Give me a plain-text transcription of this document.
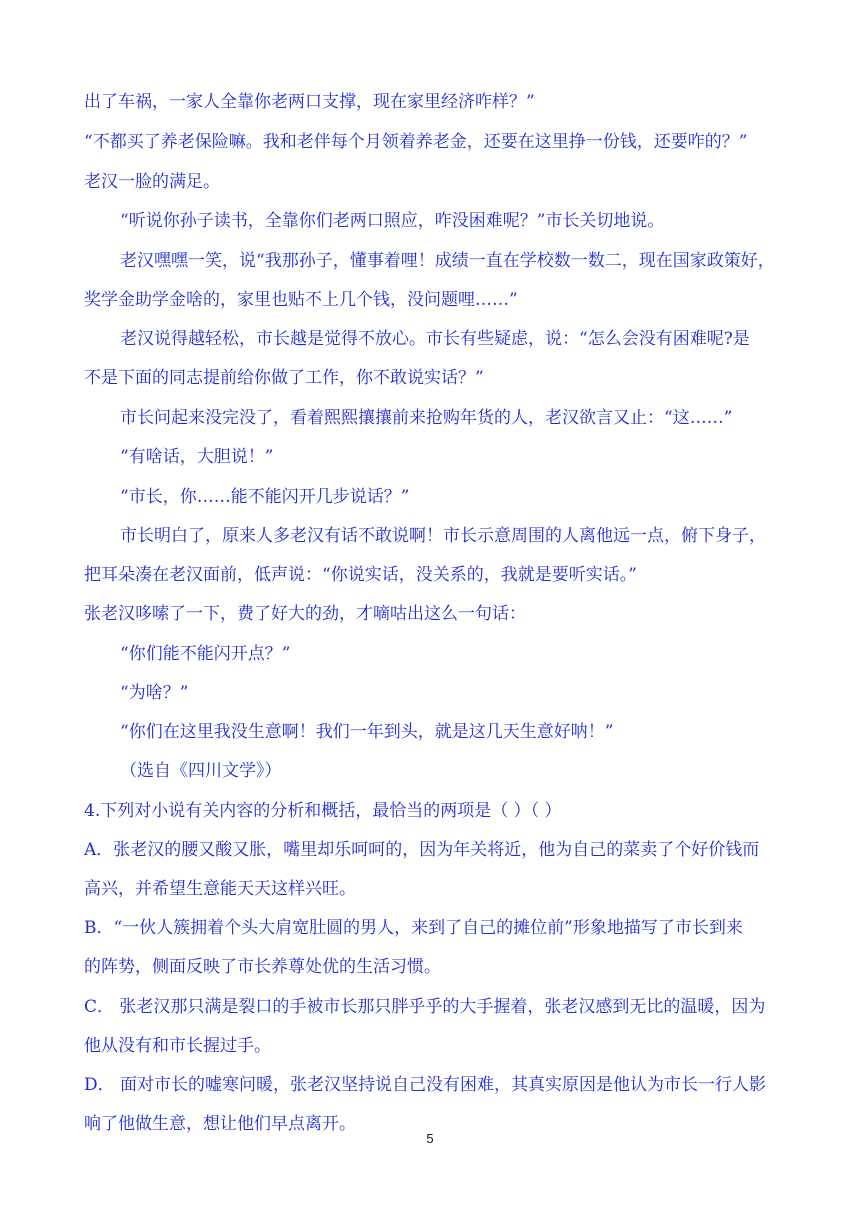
出了车祸，一家人全靠你老两口支撑，现在家里经济咋样？”
“不都买了养老保险嘛。我和老伴每个月领着养老金，还要在这里挣一份钱，还要咋的？”
老汉一脸的满足。
“听说你孙子读书，全靠你们老两口照应，咋没困难呢？”市长关切地说。
老汉嘿嘿一笑，说“我那孙子，懂事着哩！成绩一直在学校数一数二，现在国家政策好，
奖学金助学金啥的，家里也贴不上几个钱，没问题哩……”
老汉说得越轻松，市长越是觉得不放心。市长有些疑虑，说：“怎么会没有困难呢?是
不是下面的同志提前给你做了工作，你不敢说实话？”
市长问起来没完没了，看着熙熙攘攘前来抢购年货的人，老汉欲言又止：“这……”
“有啥话，大胆说！”
“市长，你……能不能闪开几步说话？”
市长明白了，原来人多老汉有话不敢说啊！市长示意周围的人离他远一点，俯下身子，
把耳朵凑在老汉面前，低声说：“你说实话，没关系的，我就是要听实话。”
张老汉哆嗦了一下，费了好大的劲，才嘀咕出这么一句话：
“你们能不能闪开点？”
“为啥？”
“你们在这里我没生意啊！我们一年到头，就是这几天生意好呐！”
（选自《四川文学》）
4.下列对小说有关内容的分析和概括，最恰当的两项是（ ）（ ）
A．张老汉的腰又酸又胀，嘴里却乐呵呵的，因为年关将近，他为自己的菜卖了个好价钱而
高兴，并希望生意能天天这样兴旺。
B．“一伙人簇拥着个头大肩宽肚圆的男人，来到了自己的摊位前”形象地描写了市长到来
的阵势，侧面反映了市长养尊处优的生活习惯。
C． 张老汉那只满是裂口的手被市长那只胖乎乎的大手握着，张老汉感到无比的温暖，因为
他从没有和市长握过手。
D． 面对市长的嘘寒问暖，张老汉坚持说自己没有困难，其真实原因是他认为市长一行人影
响了他做生意，想让他们早点离开。
5
